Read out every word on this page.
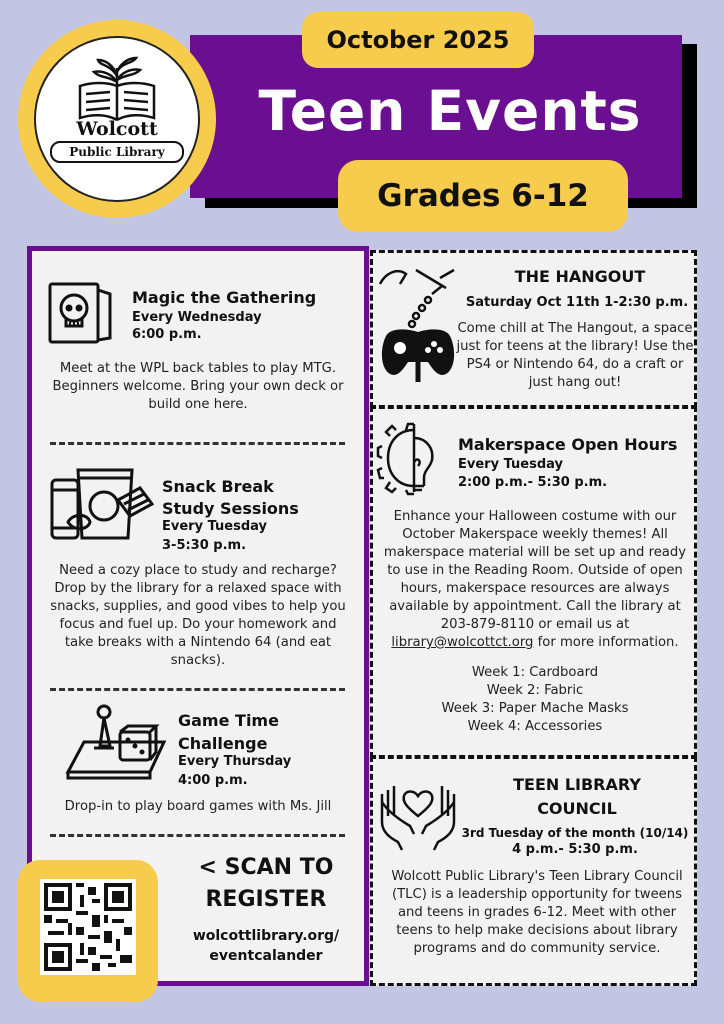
October 2025
Teen Events
Grades 6-12
Wolcott
Public Library
Magic the Gathering
Every Wednesday
6:00 p.m.
Meet at the WPL back tables to play MTG. Beginners welcome. Bring your own deck or build one here.
Snack Break
Study Sessions
Every Tuesday
3-5:30 p.m.
Need a cozy place to study and recharge? Drop by the library for a relaxed space with snacks, supplies, and good vibes to help you focus and fuel up. Do your homework and take breaks with a Nintendo 64 (and eat snacks).
Game Time
Challenge
Every Thursday
4:00 p.m.
Drop-in to play board games with Ms. Jill
< SCAN TO
REGISTER
wolcottlibrary.org/
eventcalander
THE HANGOUT
Saturday Oct 11th 1-2:30 p.m.
Come chill at The Hangout, a space just for teens at the library! Use the PS4 or Nintendo 64, do a craft or just hang out!
Makerspace Open Hours
Every Tuesday
2:00 p.m.- 5:30 p.m.
Enhance your Halloween costume with our October Makerspace weekly themes! All makerspace material will be set up and ready to use in the Reading Room. Outside of open hours, makerspace resources are always available by appointment. Call the library at 203-879-8110 or email us at library@wolcottct.org for more information.
Week 1: Cardboard
Week 2: Fabric
Week 3: Paper Mache Masks
Week 4: Accessories
TEEN LIBRARY
COUNCIL
3rd Tuesday of the month (10/14)
4 p.m.- 5:30 p.m.
Wolcott Public Library's Teen Library Council (TLC) is a leadership opportunity for tweens and teens in grades 6-12. Meet with other teens to help make decisions about library programs and do community service.
